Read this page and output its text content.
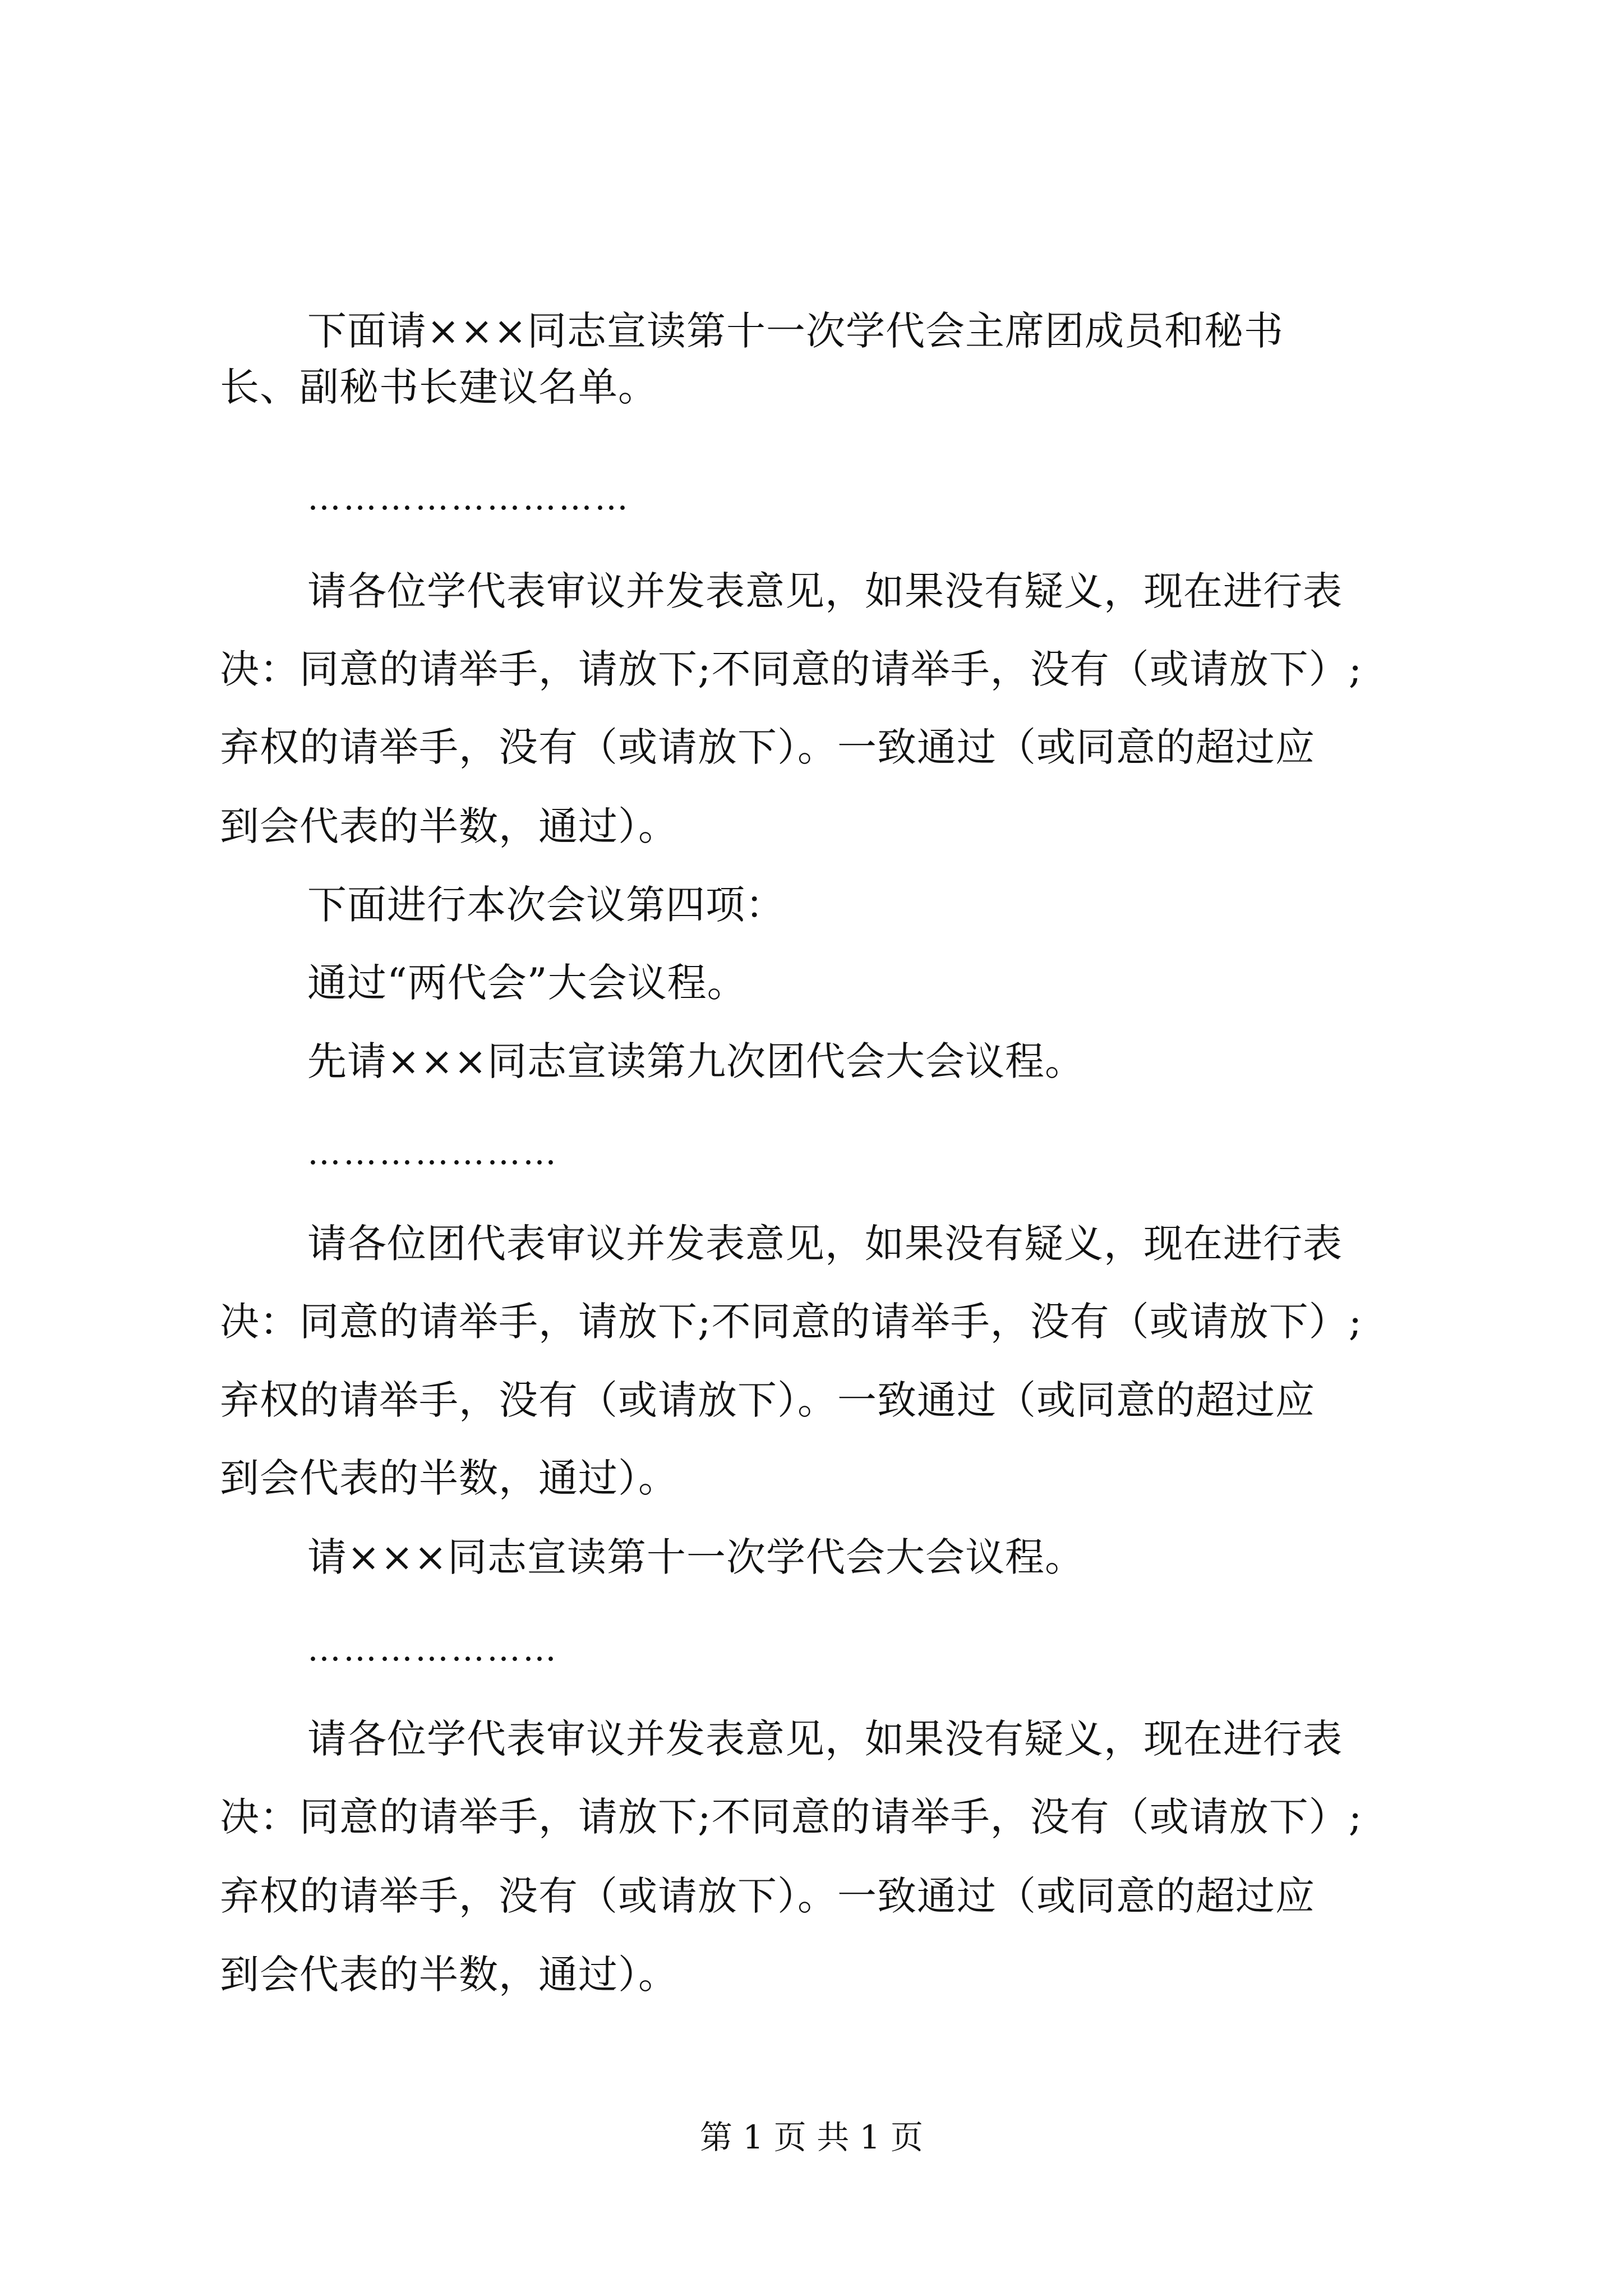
下面请×××同志宣读第十一次学代会主席团成员和秘书
长、副秘书长建议名单。
………………………
请各位学代表审议并发表意见，如果没有疑义，现在进行表
决：同意的请举手，请放下;不同意的请举手，没有（或请放下）;
弃权的请举手，没有（或请放下）。一致通过（或同意的超过应
到会代表的半数，通过）。
下面进行本次会议第四项：
通过“两代会”大会议程。
先请×××同志宣读第九次团代会大会议程。
…………………
请各位团代表审议并发表意见，如果没有疑义，现在进行表
决：同意的请举手，请放下;不同意的请举手，没有（或请放下）;
弃权的请举手，没有（或请放下）。一致通过（或同意的超过应
到会代表的半数，通过）。
请×××同志宣读第十一次学代会大会议程。
…………………
请各位学代表审议并发表意见，如果没有疑义，现在进行表
决：同意的请举手，请放下;不同意的请举手，没有（或请放下）;
弃权的请举手，没有（或请放下）。一致通过（或同意的超过应
到会代表的半数，通过）。
第 1 页 共 1 页
